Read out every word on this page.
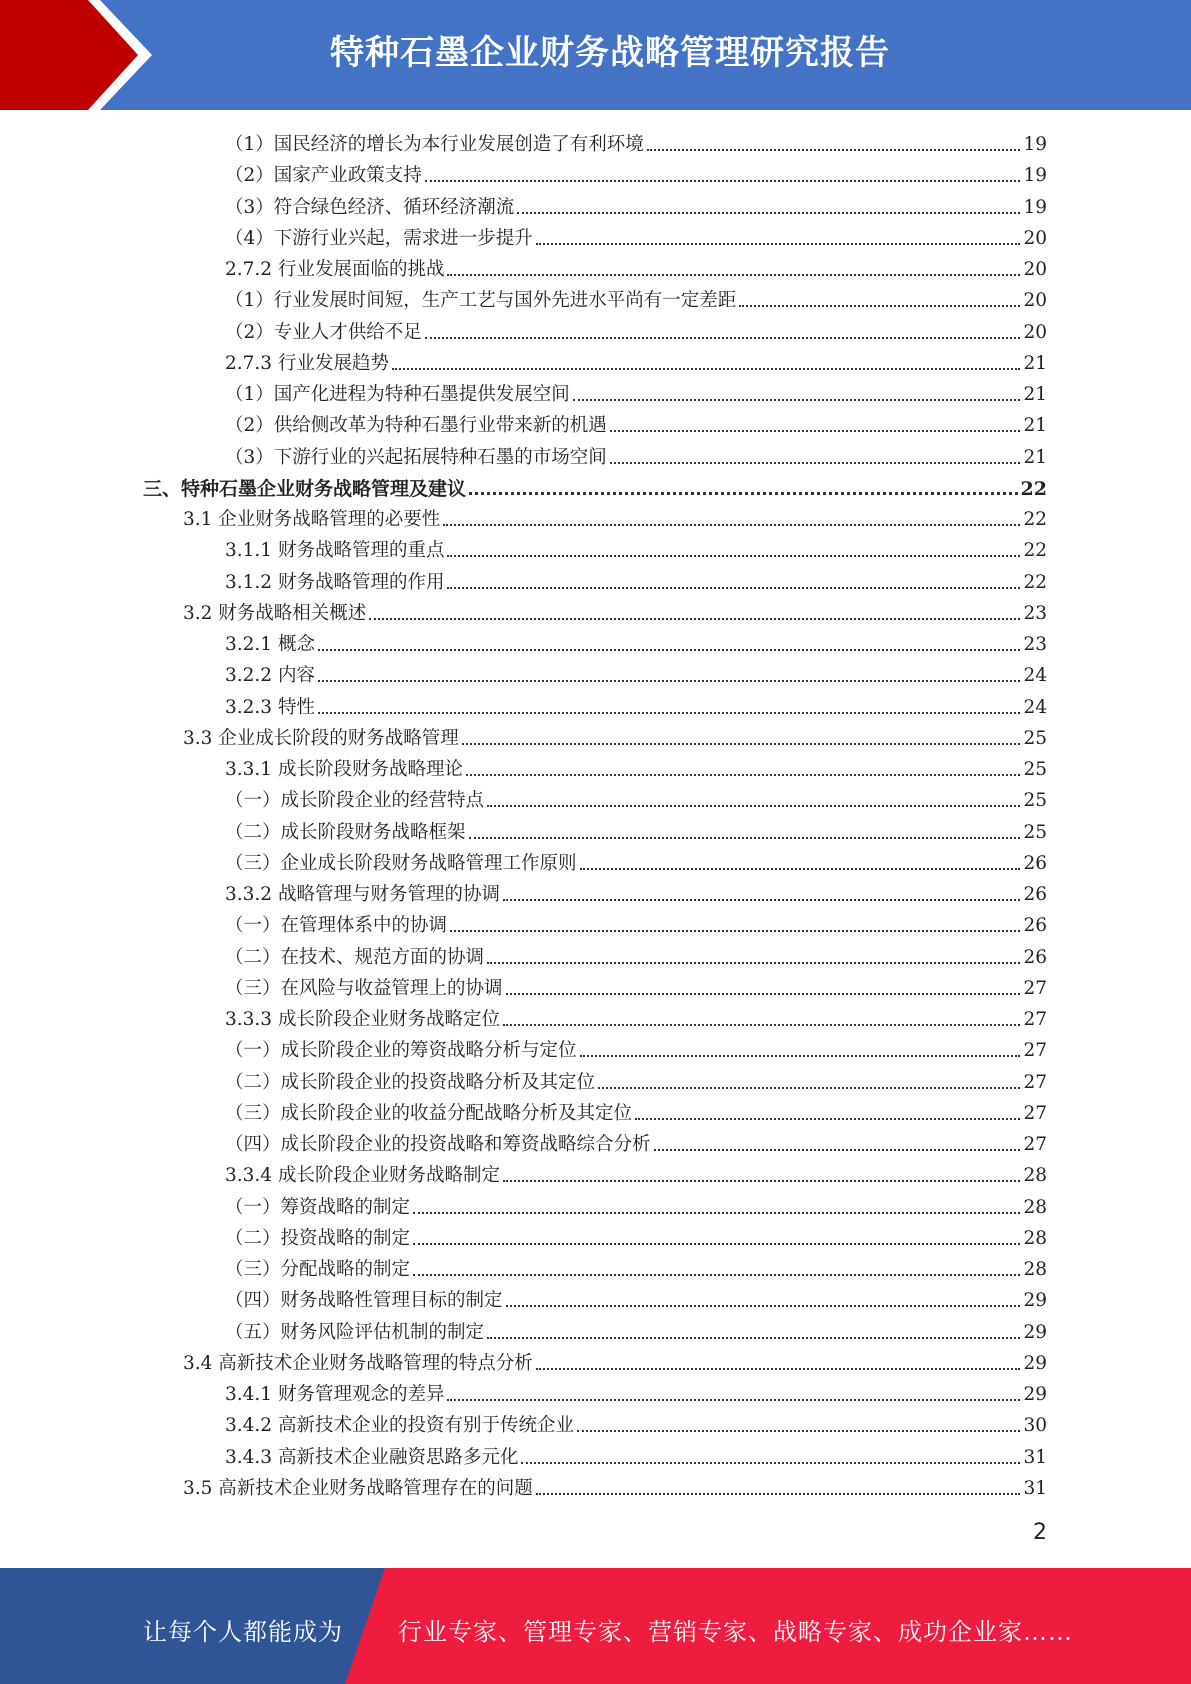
特种石墨企业财务战略管理研究报告
（1）国民经济的增长为本行业发展创造了有利环境	19
（2）国家产业政策支持	19
（3）符合绿色经济、循环经济潮流	19
（4）下游行业兴起，需求进一步提升	20
2.7.2 行业发展面临的挑战	20
（1）行业发展时间短，生产工艺与国外先进水平尚有一定差距	20
（2）专业人才供给不足	20
2.7.3 行业发展趋势	21
（1）国产化进程为特种石墨提供发展空间	21
（2）供给侧改革为特种石墨行业带来新的机遇	21
（3）下游行业的兴起拓展特种石墨的市场空间	21
三、特种石墨企业财务战略管理及建议	22
3.1 企业财务战略管理的必要性	22
3.1.1 财务战略管理的重点	22
3.1.2 财务战略管理的作用	22
3.2 财务战略相关概述	23
3.2.1 概念	23
3.2.2 内容	24
3.2.3 特性	24
3.3 企业成长阶段的财务战略管理	25
3.3.1 成长阶段财务战略理论	25
（一）成长阶段企业的经营特点	25
（二）成长阶段财务战略框架	25
（三）企业成长阶段财务战略管理工作原则	26
3.3.2 战略管理与财务管理的协调	26
（一）在管理体系中的协调	26
（二）在技术、规范方面的协调	26
（三）在风险与收益管理上的协调	27
3.3.3 成长阶段企业财务战略定位	27
（一）成长阶段企业的筹资战略分析与定位	27
（二）成长阶段企业的投资战略分析及其定位	27
（三）成长阶段企业的收益分配战略分析及其定位	27
（四）成长阶段企业的投资战略和筹资战略综合分析	27
3.3.4 成长阶段企业财务战略制定	28
（一）筹资战略的制定	28
（二）投资战略的制定	28
（三）分配战略的制定	28
（四）财务战略性管理目标的制定	29
（五）财务风险评估机制的制定	29
3.4 高新技术企业财务战略管理的特点分析	29
3.4.1 财务管理观念的差异	29
3.4.2 高新技术企业的投资有别于传统企业	30
3.4.3 高新技术企业融资思路多元化	31
3.5 高新技术企业财务战略管理存在的问题	31
2
让每个人都能成为 行业专家、管理专家、营销专家、战略专家、成功企业家……
